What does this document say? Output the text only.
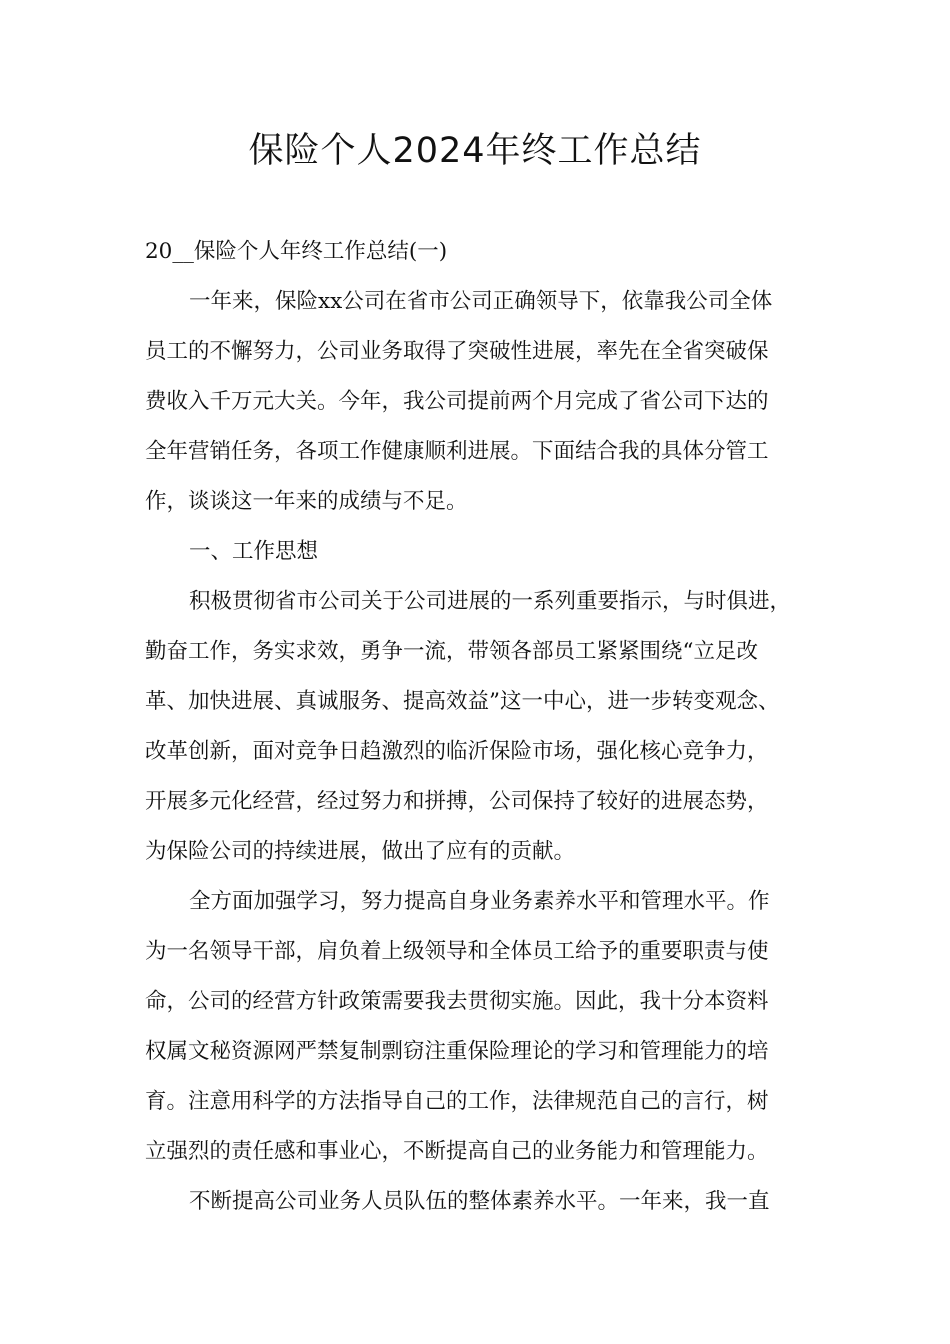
保险个人2024年终工作总结
20__保险个人年终工作总结(一)
一年来，保险xx公司在省市公司正确领导下，依靠我公司全体
员工的不懈努力，公司业务取得了突破性进展，率先在全省突破保
费收入千万元大关。今年，我公司提前两个月完成了省公司下达的
全年营销任务，各项工作健康顺利进展。下面结合我的具体分管工
作，谈谈这一年来的成绩与不足。
一、工作思想
积极贯彻省市公司关于公司进展的一系列重要指示，与时俱进，
勤奋工作，务实求效，勇争一流，带领各部员工紧紧围绕“立足改
革、加快进展、真诚服务、提高效益”这一中心，进一步转变观念、
改革创新，面对竞争日趋激烈的临沂保险市场，强化核心竞争力，
开展多元化经营，经过努力和拼搏，公司保持了较好的进展态势，
为保险公司的持续进展，做出了应有的贡献。
全方面加强学习，努力提高自身业务素养水平和管理水平。作
为一名领导干部，肩负着上级领导和全体员工给予的重要职责与使
命，公司的经营方针政策需要我去贯彻实施。因此，我十分本资料
权属文秘资源网严禁复制剽窃注重保险理论的学习和管理能力的培
育。注意用科学的方法指导自己的工作，法律规范自己的言行，树
立强烈的责任感和事业心，不断提高自己的业务能力和管理能力。
不断提高公司业务人员队伍的整体素养水平。一年来，我一直
